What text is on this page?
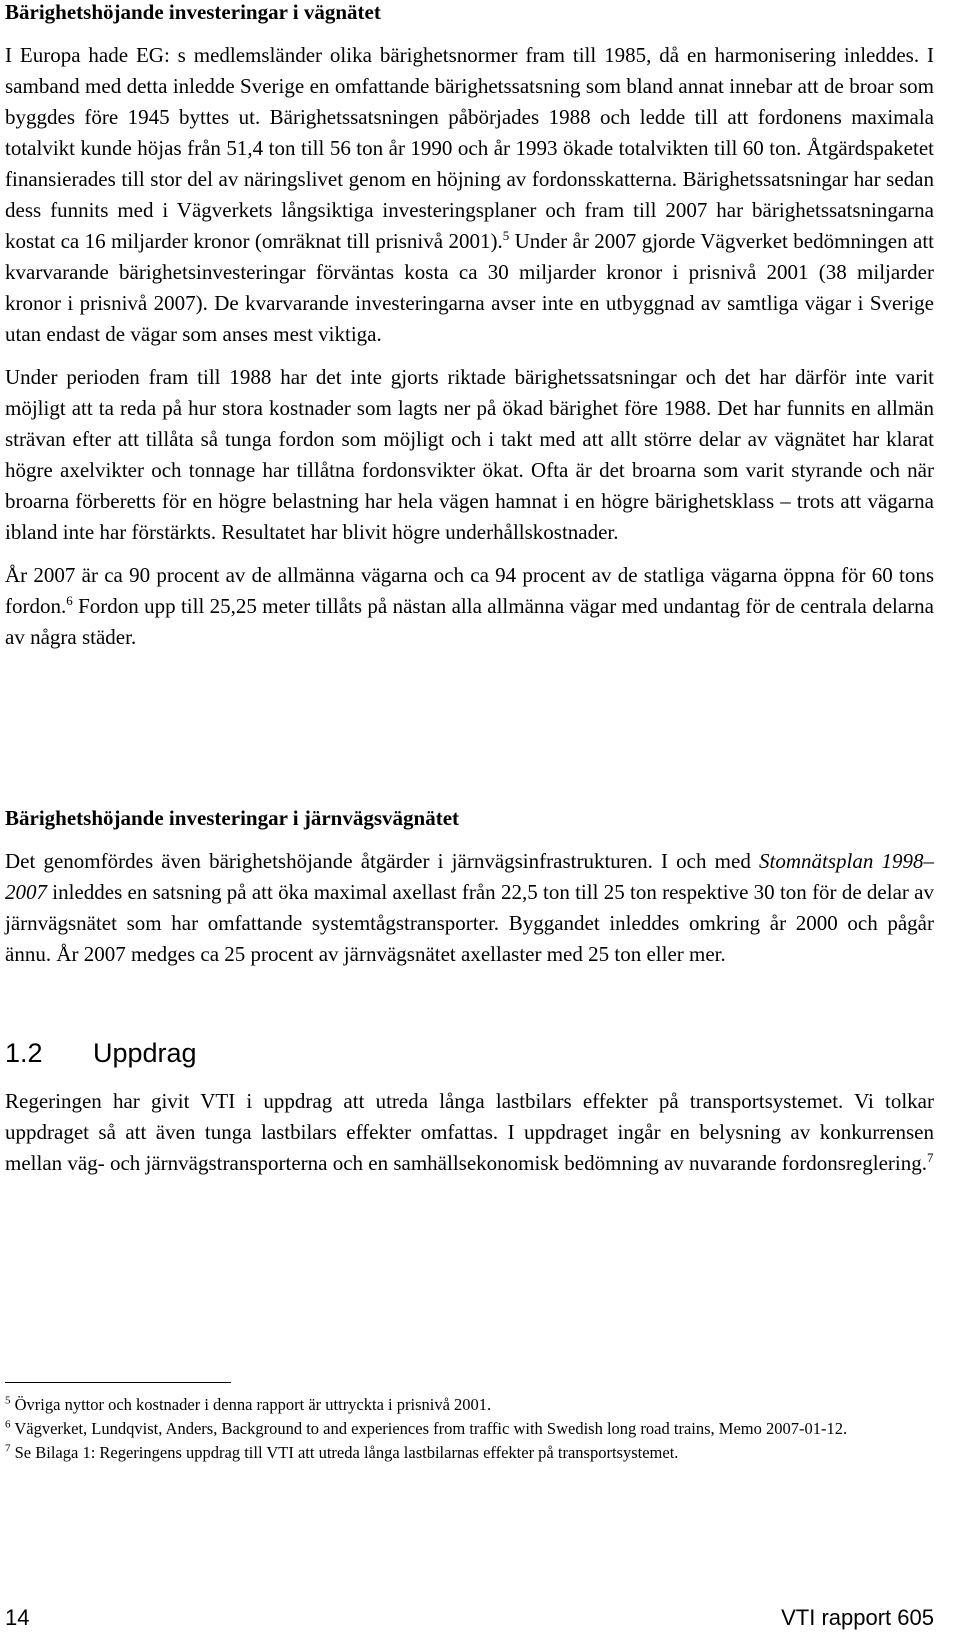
Bärighetshöjande investeringar i vägnätet

I Europa hade EG: s medlemsländer olika bärighetsnormer fram till 1985, då en harmonisering inleddes. I samband med detta inledde Sverige en omfattande bärighetssatsning som bland annat innebar att de broar som byggdes före 1945 byttes ut. Bärighetssatsningen påbörjades 1988 och ledde till att fordonens maximala totalvikt kunde höjas från 51,4 ton till 56 ton år 1990 och år 1993 ökade totalvikten till 60 ton. Åtgärdspaketet finansierades till stor del av näringslivet genom en höjning av fordonsskatterna. Bärighetssatsningar har sedan dess funnits med i Vägverkets långsiktiga investeringsplaner och fram till 2007 har bärighetssatsningarna kostat ca 16 miljarder kronor (omräknat till prisnivå 2001).$^5$ Under år 2007 gjorde Vägverket bedömningen att kvarvarande bärighetsinvesteringar förväntas kosta ca 30 miljarder kronor i prisnivå 2001 (38 miljarder kronor i prisnivå 2007). De kvarvarande investeringarna avser inte en utbyggnad av samtliga vägar i Sverige utan endast de vägar som anses mest viktiga.

Under perioden fram till 1988 har det inte gjorts riktade bärighetssatsningar och det har därför inte varit möjligt att ta reda på hur stora kostnader som lagts ner på ökad bärighet före 1988. Det har funnits en allmän strävan efter att tillåta så tunga fordon som möjligt och i takt med att allt större delar av vägnätet har klarat högre axelvikter och tonnage har tillåtna fordonsvikter ökat. Ofta är det broarna som varit styrande och när broarna förberetts för en högre belastning har hela vägen hamnat i en högre bärighetsklass – trots att vägarna ibland inte har förstärkts. Resultatet har blivit högre underhållskostnader.

År 2007 är ca 90 procent av de allmänna vägarna och ca 94 procent av de statliga vägarna öppna för 60 tons fordon.$^6$ Fordon upp till 25,25 meter tillåts på nästan alla allmänna vägar med undantag för de centrala delarna av några städer.

Bärighetshöjande investeringar i järnvägsvägnätet

Det genomfördes även bärighetshöjande åtgärder i järnvägsinfrastrukturen. I och med Stomnätsplan 1998–2007 inleddes en satsning på att öka maximal axellast från 22,5 ton till 25 ton respektive 30 ton för de delar av järnvägsnätet som har omfattande systemtågstransporter. Byggandet inleddes omkring år 2000 och pågår ännu. År 2007 medges ca 25 procent av järnvägsnätet axellaster med 25 ton eller mer.

1.2 Uppdrag

Regeringen har givit VTI i uppdrag att utreda långa lastbilars effekter på transportsystemet. Vi tolkar uppdraget så att även tunga lastbilars effekter omfattas. I uppdraget ingår en belysning av konkurrensen mellan väg- och järnvägstransporterna och en samhällsekonomisk bedömning av nuvarande fordonsreglering.$^7$

$^5$ Övriga nyttor och kostnader i denna rapport är uttryckta i prisnivå 2001.

$^6$ Vägverket, Lundqvist, Anders, Background to and experiences from traffic with Swedish long road trains, Memo 2007-01-12.

$^7$ Se Bilaga 1: Regeringens uppdrag till VTI att utreda långa lastbilarnas effekter på transportsystemet.

14	VTI rapport 605
